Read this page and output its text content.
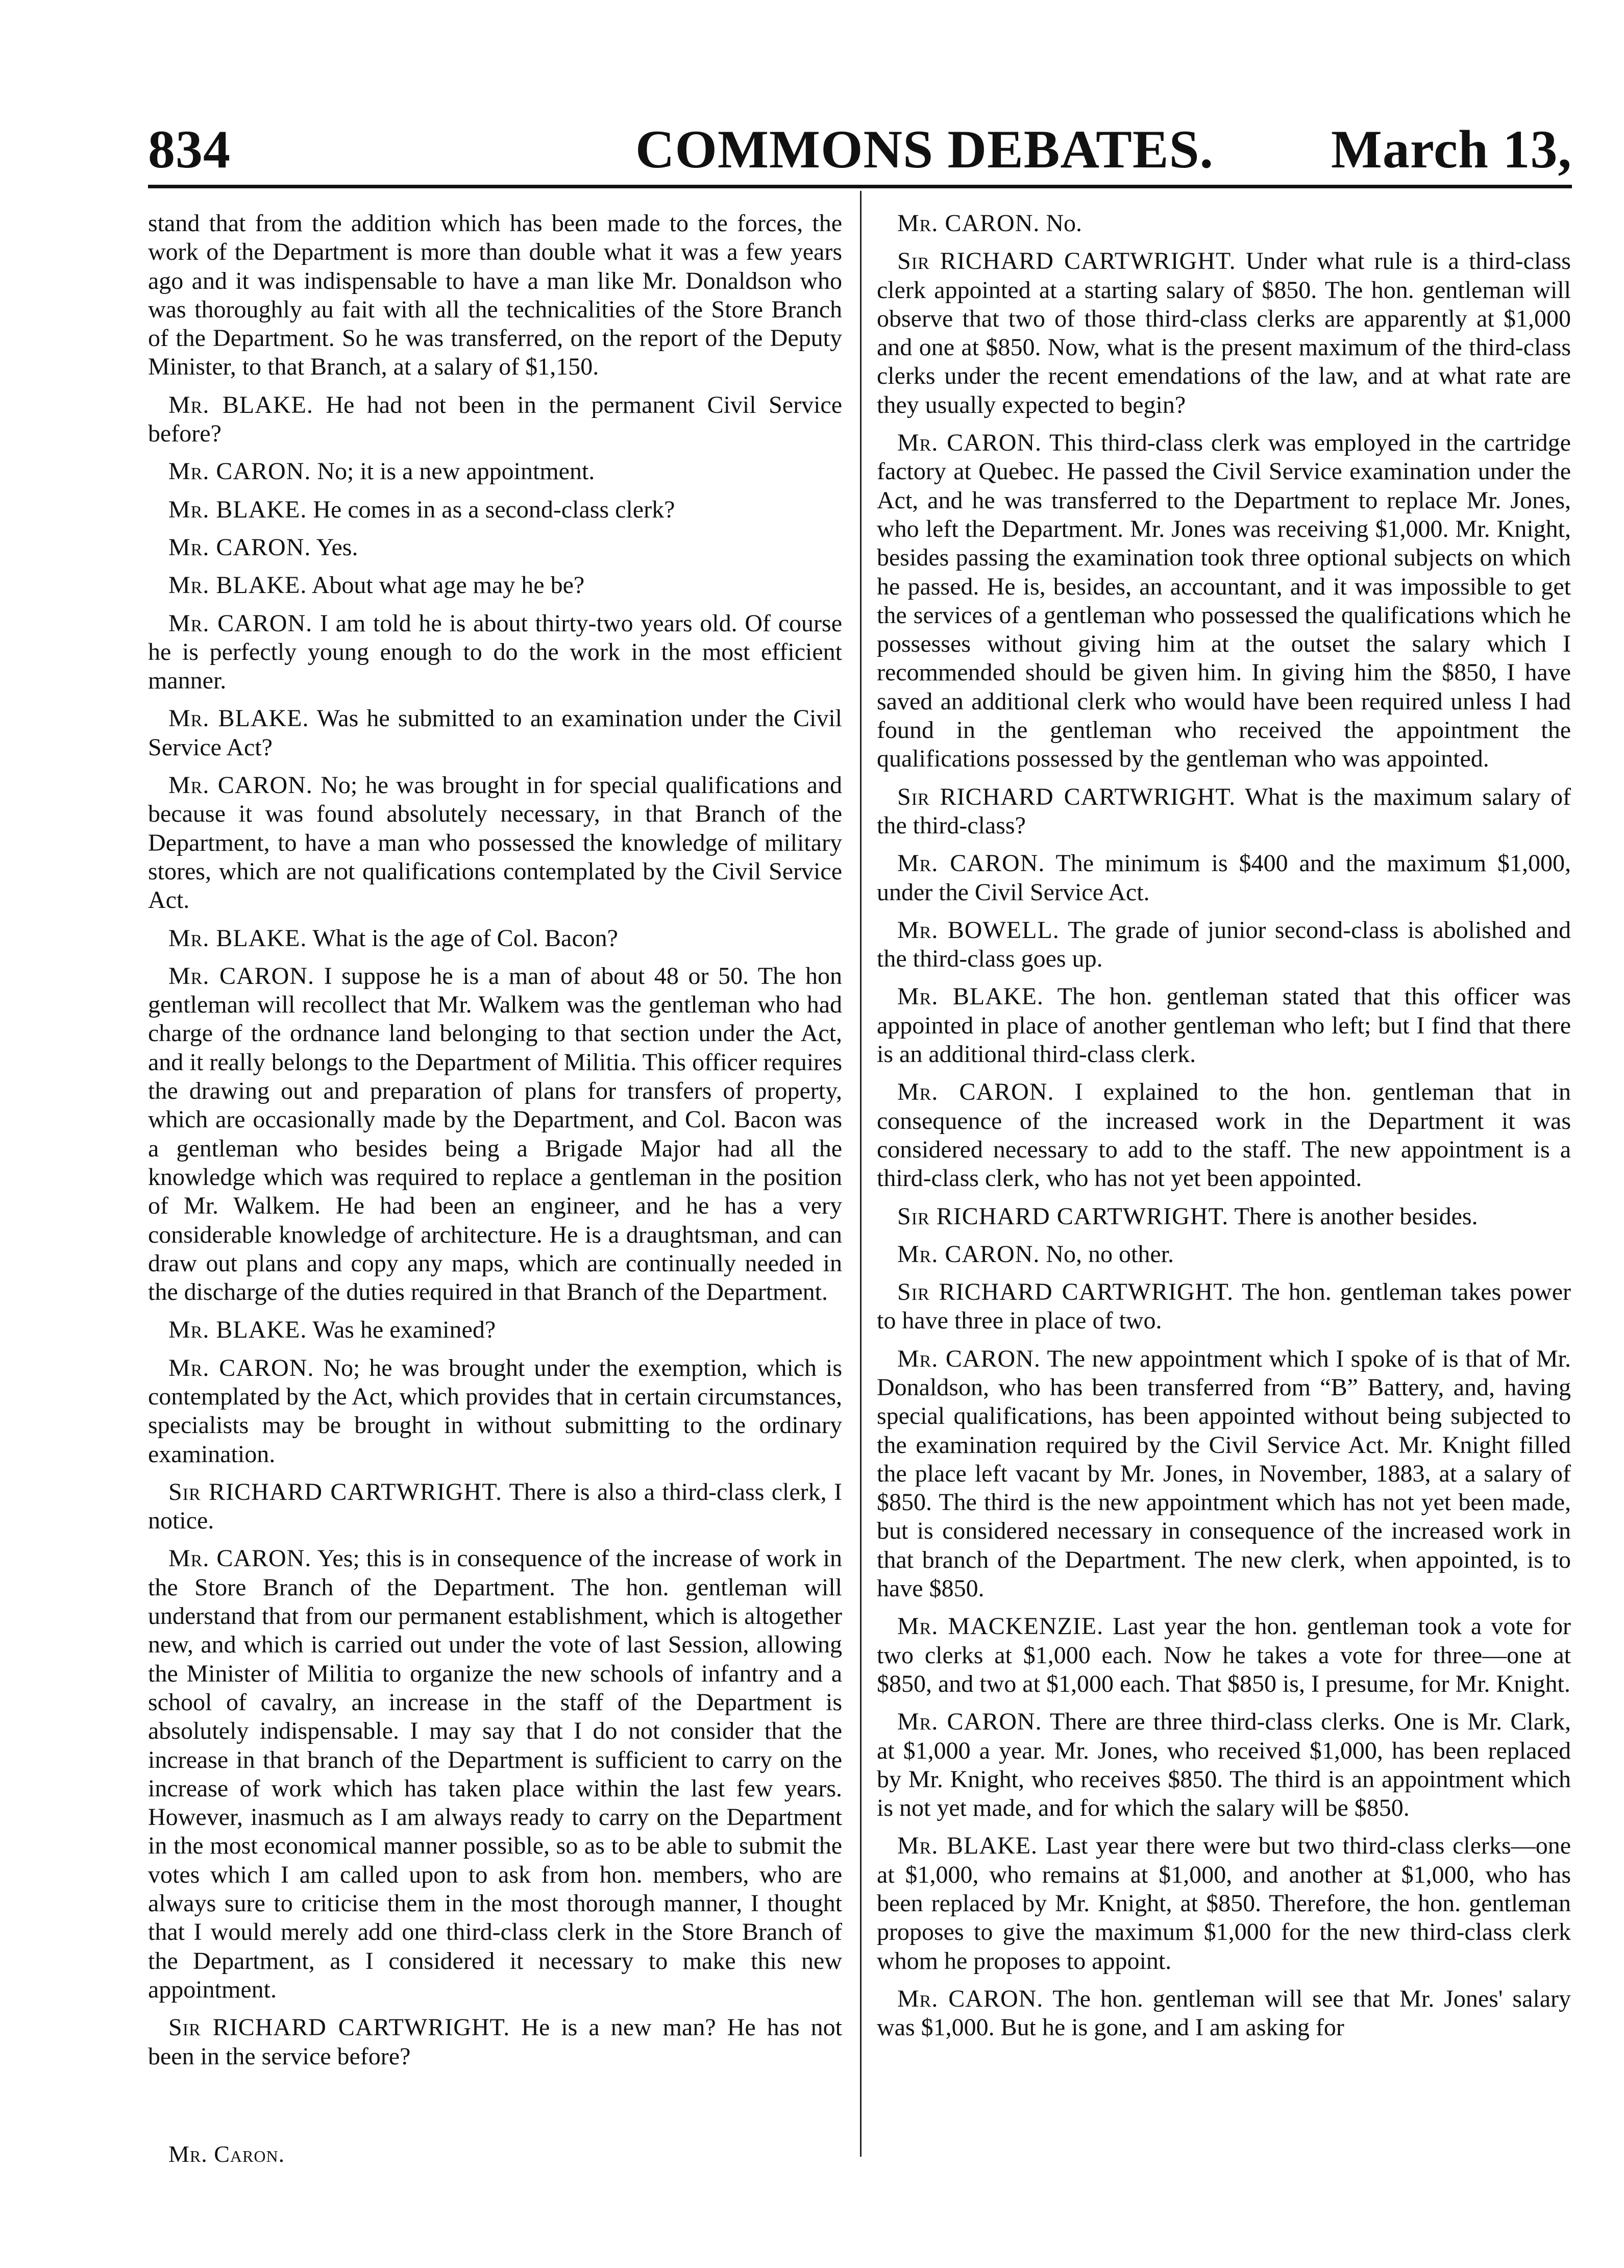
834	COMMONS DEBATES. March 13,

stand that from the addition which has been made to the forces, the work of the Department is more than double what it was a few years ago and it was indispensable to have a man like Mr. Donaldson who was thoroughly au fait with all the technicalities of the Store Branch of the Department. So he was transferred, on the report of the Deputy Minister, to that Branch, at a salary of $1,150.

Mr. BLAKE. He had not been in the permanent Civil Service before?

Mr. CARON. No; it is a new appointment.

Mr. BLAKE. He comes in as a second-class clerk?

Mr. CARON. Yes.

Mr. BLAKE. About what age may he be?

Mr. CARON. I am told he is about thirty-two years old. Of course he is perfectly young enough to do the work in the most efficient manner.

Mr. BLAKE. Was he submitted to an examination under the Civil Service Act?

Mr. CARON. No; he was brought in for special qualifications and because it was found absolutely necessary, in that Branch of the Department, to have a man who possessed the knowledge of military stores, which are not qualifications contemplated by the Civil Service Act.

Mr. BLAKE. What is the age of Col. Bacon?

Mr. CARON. I suppose he is a man of about 48 or 50. The hon gentleman will recollect that Mr. Walkem was the gentleman who had charge of the ordnance land belonging to that section under the Act, and it really belongs to the Department of Militia. This officer requires the drawing out and preparation of plans for transfers of property, which are occasionally made by the Department, and Col. Bacon was a gentleman who besides being a Brigade Major had all the knowledge which was required to replace a gentleman in the position of Mr. Walkem. He had been an engineer, and he has a very considerable knowledge of architecture. He is a draughtsman, and can draw out plans and copy any maps, which are continually needed in the discharge of the duties required in that Branch of the Department.

Mr. BLAKE. Was he examined?

Mr. CARON. No; he was brought under the exemption, which is contemplated by the Act, which provides that in certain circumstances, specialists may be brought in without submitting to the ordinary examination.

Sir RICHARD CARTWRIGHT. There is also a third-class clerk, I notice.

Mr. CARON. Yes; this is in consequence of the increase of work in the Store Branch of the Department. The hon. gentleman will understand that from our permanent establishment, which is altogether new, and which is carried out under the vote of last Session, allowing the Minister of Militia to organize the new schools of infantry and a school of cavalry, an increase in the staff of the Department is absolutely indispensable. I may say that I do not consider that the increase in that branch of the Department is sufficient to carry on the increase of work which has taken place within the last few years. However, inasmuch as I am always ready to carry on the Department in the most economical manner possible, so as to be able to submit the votes which I am called upon to ask from hon. members, who are always sure to criticise them in the most thorough manner, I thought that I would merely add one third-class clerk in the Store Branch of the Department, as I considered it necessary to make this new appointment.

Sir RICHARD CARTWRIGHT. He is a new man? He has not been in the service before?

Mr. Caron.

Mr. CARON. No.

Sir RICHARD CARTWRIGHT. Under what rule is a third-class clerk appointed at a starting salary of $850. The hon. gentleman will observe that two of those third-class clerks are apparently at $1,000 and one at $850. Now, what is the present maximum of the third-class clerks under the recent emendations of the law, and at what rate are they usually expected to begin?

Mr. CARON. This third-class clerk was employed in the cartridge factory at Quebec. He passed the Civil Service examination under the Act, and he was transferred to the Department to replace Mr. Jones, who left the Department. Mr. Jones was receiving $1,000. Mr. Knight, besides passing the examination took three optional subjects on which he passed. He is, besides, an accountant, and it was impossible to get the services of a gentleman who possessed the qualifications which he possesses without giving him at the outset the salary which I recommended should be given him. In giving him the $850, I have saved an additional clerk who would have been required unless I had found in the gentleman who received the appointment the qualifications possessed by the gentleman who was appointed.

Sir RICHARD CARTWRIGHT. What is the maximum salary of the third-class?

Mr. CARON. The minimum is $400 and the maximum $1,000, under the Civil Service Act.

Mr. BOWELL. The grade of junior second-class is abolished and the third-class goes up.

Mr. BLAKE. The hon. gentleman stated that this officer was appointed in place of another gentleman who left; but I find that there is an additional third-class clerk.

Mr. CARON. I explained to the hon. gentleman that in consequence of the increased work in the Department it was considered necessary to add to the staff. The new appointment is a third-class clerk, who has not yet been appointed.

Sir RICHARD CARTWRIGHT. There is another besides.

Mr. CARON. No, no other.

Sir RICHARD CARTWRIGHT. The hon. gentleman takes power to have three in place of two.

Mr. CARON. The new appointment which I spoke of is that of Mr. Donaldson, who has been transferred from “B” Battery, and, having special qualifications, has been appointed without being subjected to the examination required by the Civil Service Act. Mr. Knight filled the place left vacant by Mr. Jones, in November, 1883, at a salary of $850. The third is the new appointment which has not yet been made, but is considered necessary in consequence of the increased work in that branch of the Department. The new clerk, when appointed, is to have $850.

Mr. MACKENZIE. Last year the hon. gentleman took a vote for two clerks at $1,000 each. Now he takes a vote for three—one at $850, and two at $1,000 each. That $850 is, I presume, for Mr. Knight.

Mr. CARON. There are three third-class clerks. One is Mr. Clark, at $1,000 a year. Mr. Jones, who received $1,000, has been replaced by Mr. Knight, who receives $850. The third is an appointment which is not yet made, and for which the salary will be $850.

Mr. BLAKE. Last year there were but two third-class clerks—one at $1,000, who remains at $1,000, and another at $1,000, who has been replaced by Mr. Knight, at $850. Therefore, the hon. gentleman proposes to give the maximum $1,000 for the new third-class clerk whom he proposes to appoint.

Mr. CARON. The hon. gentleman will see that Mr. Jones' salary was $1,000. But he is gone, and I am asking for
